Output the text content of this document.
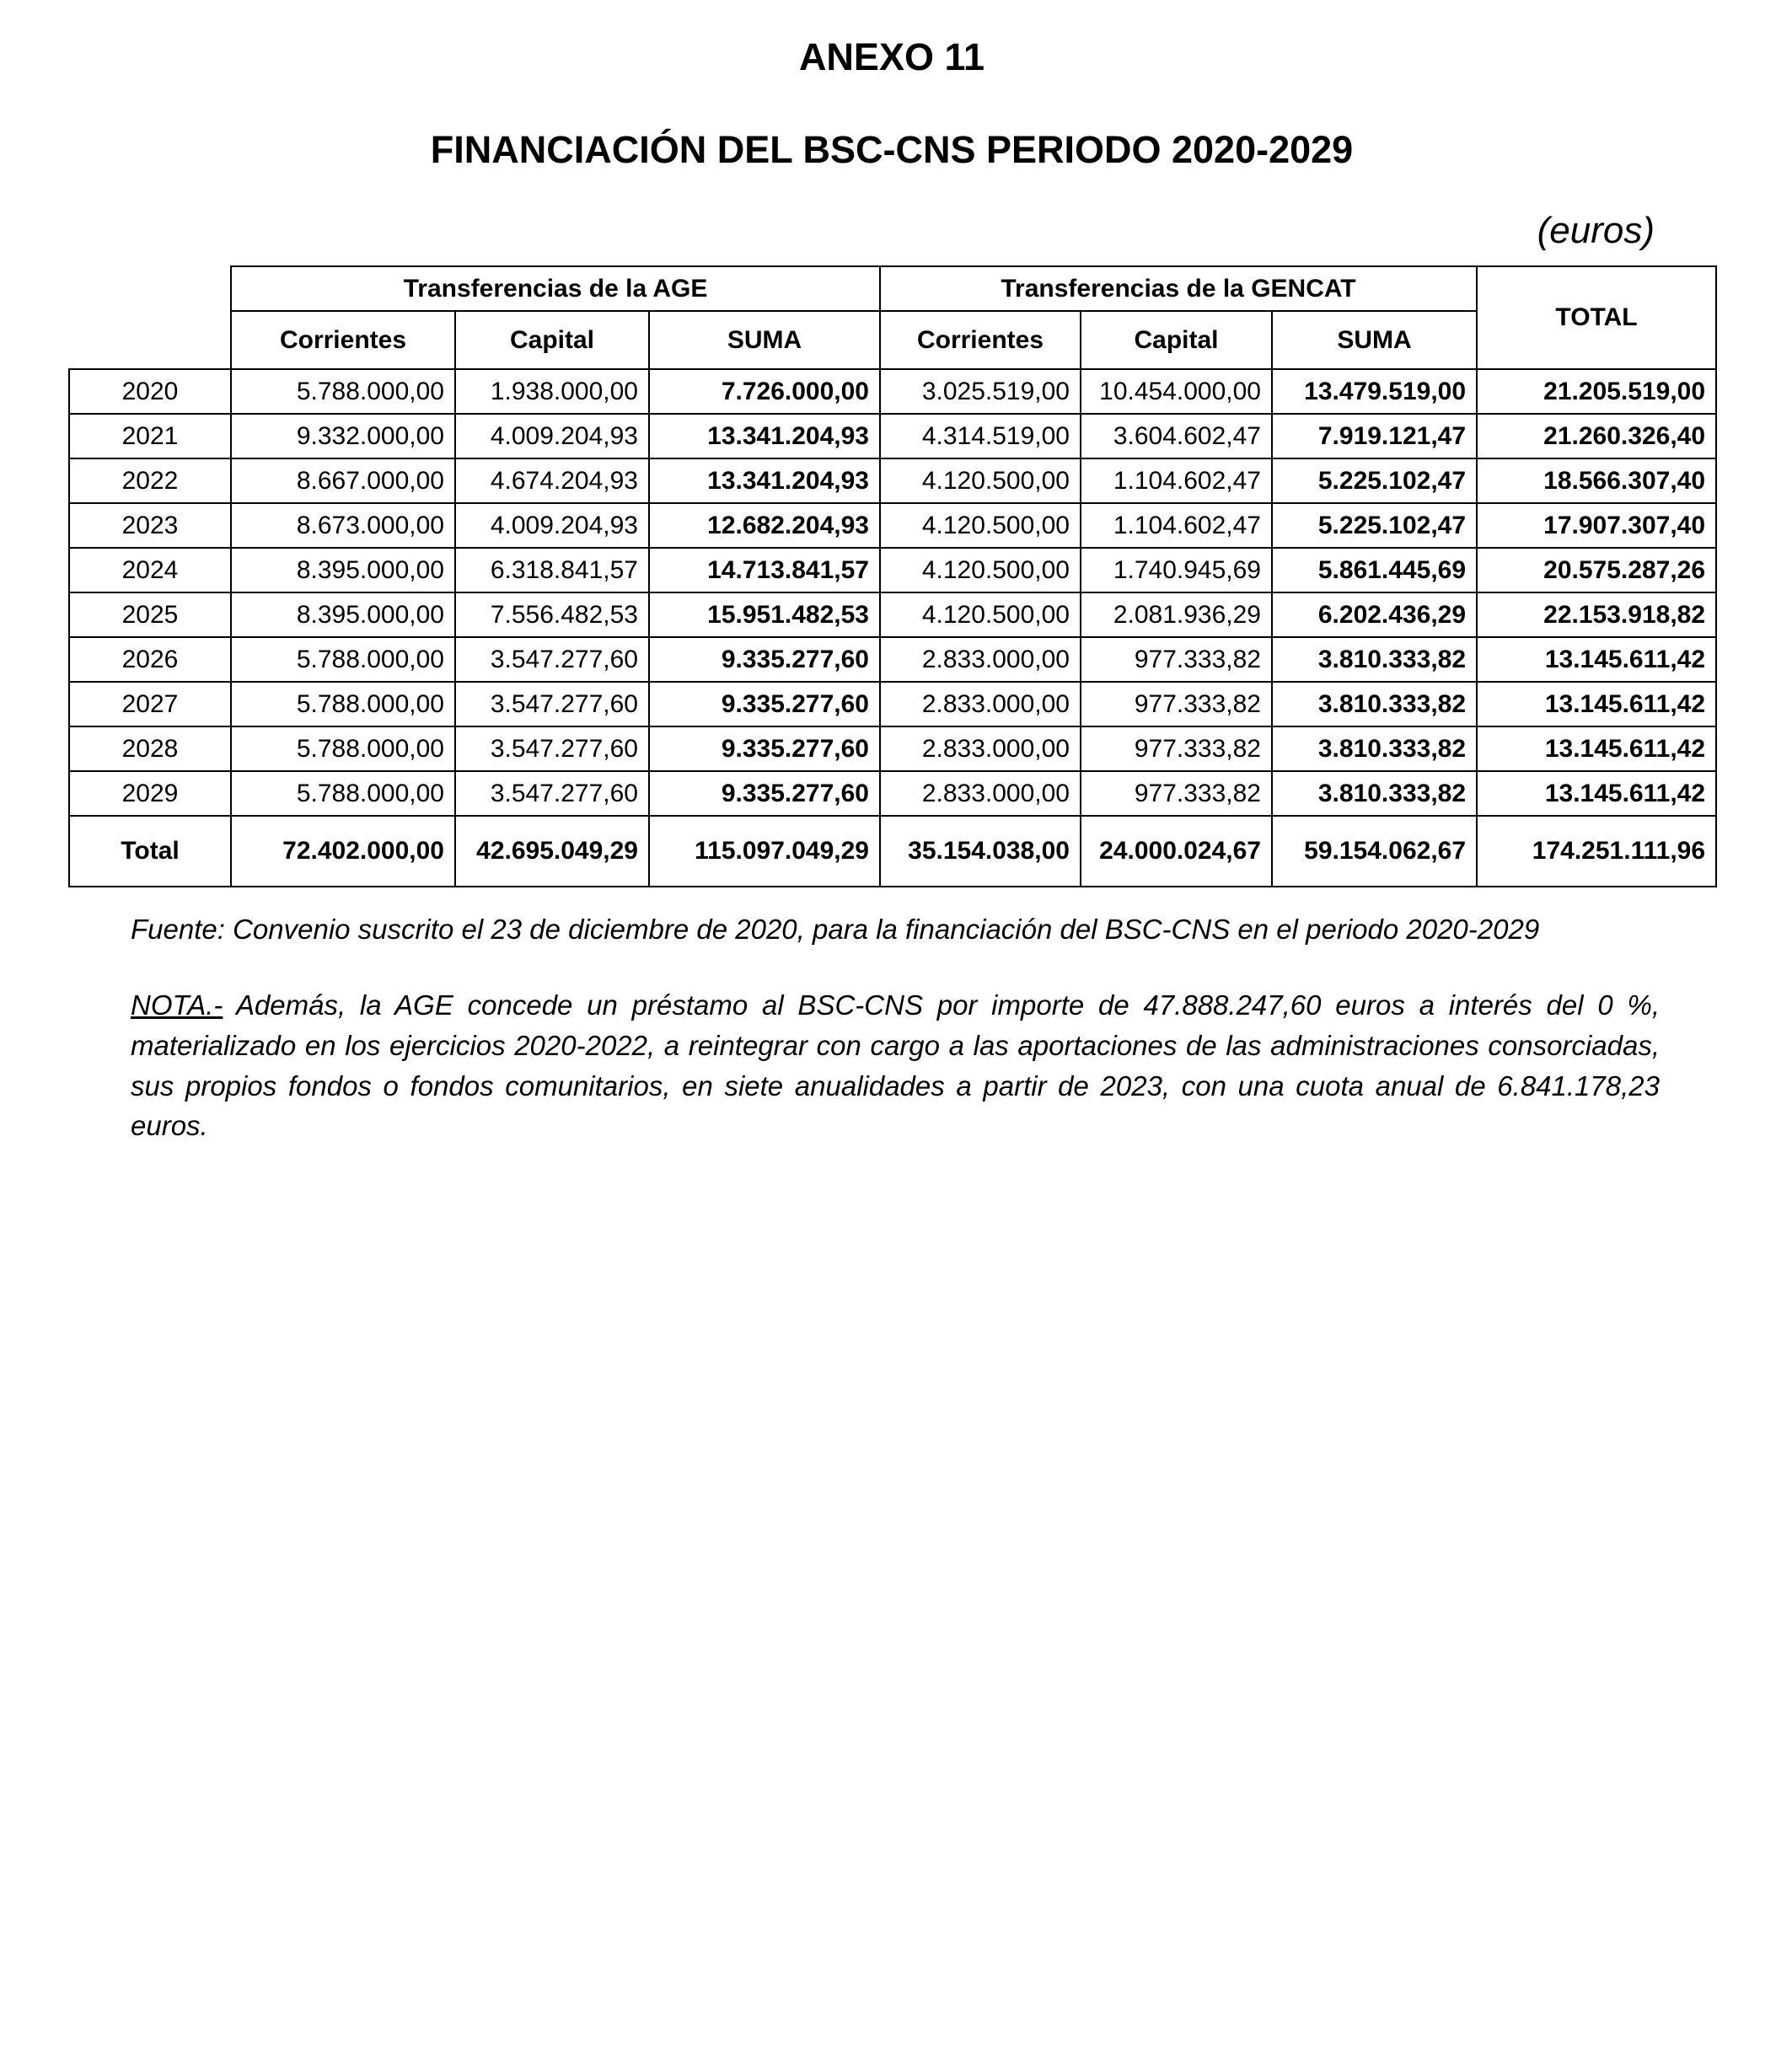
ANEXO 11
FINANCIACIÓN DEL BSC-CNS PERIODO 2020-2029
(euros)
	Transferencias de la AGE			Transferencias de la GENCAT			TOTAL
	Corrientes	Capital	SUMA	Corrientes	Capital	SUMA	
2020	5.788.000,00	1.938.000,00	7.726.000,00	3.025.519,00	10.454.000,00	13.479.519,00	21.205.519,00
2021	9.332.000,00	4.009.204,93	13.341.204,93	4.314.519,00	3.604.602,47	7.919.121,47	21.260.326,40
2022	8.667.000,00	4.674.204,93	13.341.204,93	4.120.500,00	1.104.602,47	5.225.102,47	18.566.307,40
2023	8.673.000,00	4.009.204,93	12.682.204,93	4.120.500,00	1.104.602,47	5.225.102,47	17.907.307,40
2024	8.395.000,00	6.318.841,57	14.713.841,57	4.120.500,00	1.740.945,69	5.861.445,69	20.575.287,26
2025	8.395.000,00	7.556.482,53	15.951.482,53	4.120.500,00	2.081.936,29	6.202.436,29	22.153.918,82
2026	5.788.000,00	3.547.277,60	9.335.277,60	2.833.000,00	977.333,82	3.810.333,82	13.145.611,42
2027	5.788.000,00	3.547.277,60	9.335.277,60	2.833.000,00	977.333,82	3.810.333,82	13.145.611,42
2028	5.788.000,00	3.547.277,60	9.335.277,60	2.833.000,00	977.333,82	3.810.333,82	13.145.611,42
2029	5.788.000,00	3.547.277,60	9.335.277,60	2.833.000,00	977.333,82	3.810.333,82	13.145.611,42
Total	72.402.000,00	42.695.049,29	115.097.049,29	35.154.038,00	24.000.024,67	59.154.062,67	174.251.111,96

Fuente: Convenio suscrito el 23 de diciembre de 2020, para la financiación del BSC-CNS en el periodo 2020-2029

NOTA.- Además, la AGE concede un préstamo al BSC-CNS por importe de 47.888.247,60 euros a interés del 0 %, materializado en los ejercicios 2020-2022, a reintegrar con cargo a las aportaciones de las administraciones consorciadas, sus propios fondos o fondos comunitarios, en siete anualidades a partir de 2023, con una cuota anual de 6.841.178,23 euros.
